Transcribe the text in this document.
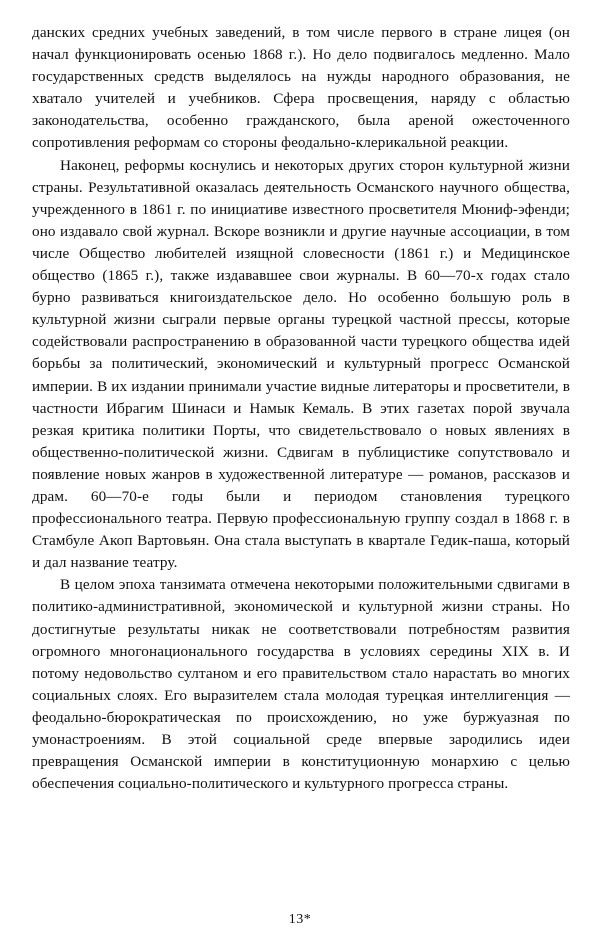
данских средних учебных заведений, в том числе первого в стране лицея (он начал функционировать осенью 1868 г.). Но дело подвигалось медленно. Мало государственных средств выделялось на нужды народного образования, не хватало учителей и учебников. Сфера просвещения, наряду с областью законодательства, особенно гражданского, была ареной ожесточенного сопротивления реформам со стороны феодально-клерикальной реакции.

Наконец, реформы коснулись и некоторых других сторон культурной жизни страны. Результативной оказалась деятельность Османского научного общества, учрежденного в 1861 г. по инициативе известного просветителя Мюниф-эфенди; оно издавало свой журнал. Вскоре возникли и другие научные ассоциации, в том числе Общество любителей изящной словесности (1861 г.) и Медицинское общество (1865 г.), также издававшее свои журналы. В 60—70-х годах стало бурно развиваться книгоиздательское дело. Но особенно большую роль в культурной жизни сыграли первые органы турецкой частной прессы, которые содействовали распространению в образованной части турецкого общества идей борьбы за политический, экономический и культурный прогресс Османской империи. В их издании принимали участие видные литераторы и просветители, в частности Ибрагим Шинаси и Намык Кемаль. В этих газетах порой звучала резкая критика политики Порты, что свидетельствовало о новых явлениях в общественно-политической жизни. Сдвигам в публицистике сопутствовало и появление новых жанров в художественной литературе — романов, рассказов и драм. 60—70-е годы были и периодом становления турецкого профессионального театра. Первую профессиональную группу создал в 1868 г. в Стамбуле Акоп Вартовьян. Она стала выступать в квартале Гедик-паша, который и дал название театру.

В целом эпоха танзимата отмечена некоторыми положительными сдвигами в политико-административной, экономической и культурной жизни страны. Но достигнутые результаты никак не соответствовали потребностям развития огромного многонационального государства в условиях середины XIX в. И потому недовольство султаном и его правительством стало нарастать во многих социальных слоях. Его выразителем стала молодая турецкая интеллигенция — феодально-бюрократическая по происхождению, но уже буржуазная по умонастроениям. В этой социальной среде впервые зародились идеи превращения Османской империи в конституционную монархию с целью обеспечения социально-политического и культурного прогресса страны.

13*
